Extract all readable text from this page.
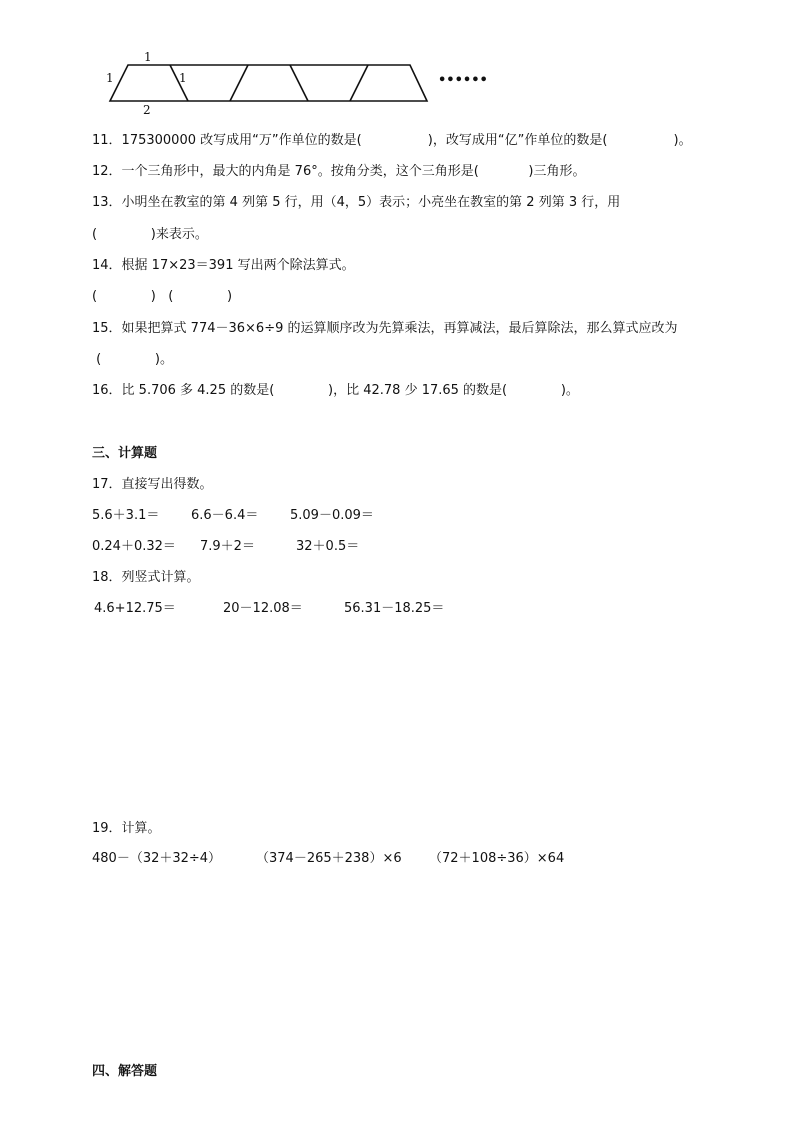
1
1	1
2
••••••
11．175300000 改写成用“万”作单位的数是(                )，改写成用“亿”作单位的数是(                )。
12．一个三角形中，最大的内角是 76°。按角分类，这个三角形是(            )三角形。
13．小明坐在教室的第 4 列第 5 行，用（4，5）表示；小亮坐在教室的第 2 列第 3 行，用
(             )来表示。
14．根据 17×23＝391 写出两个除法算式。
(             )   (             )
15．如果把算式 774－36×6÷9 的运算顺序改为先算乘法，再算减法，最后算除法，那么算式应改为
(             )。
16．比 5.706 多 4.25 的数是(             )，比 42.78 少 17.65 的数是(             )。
三、计算题
17．直接写出得数。
5.6＋3.1＝ 6.6－6.4＝ 5.09－0.09＝
0.24＋0.32＝ 7.9＋2＝	32＋0.5＝
18．列竖式计算。
4.6+12.75＝	20－12.08＝	56.31－18.25＝
19．计算。
480－（32＋32÷4）	（374－265＋238）×6 （72＋108÷36）×64
四、解答题
